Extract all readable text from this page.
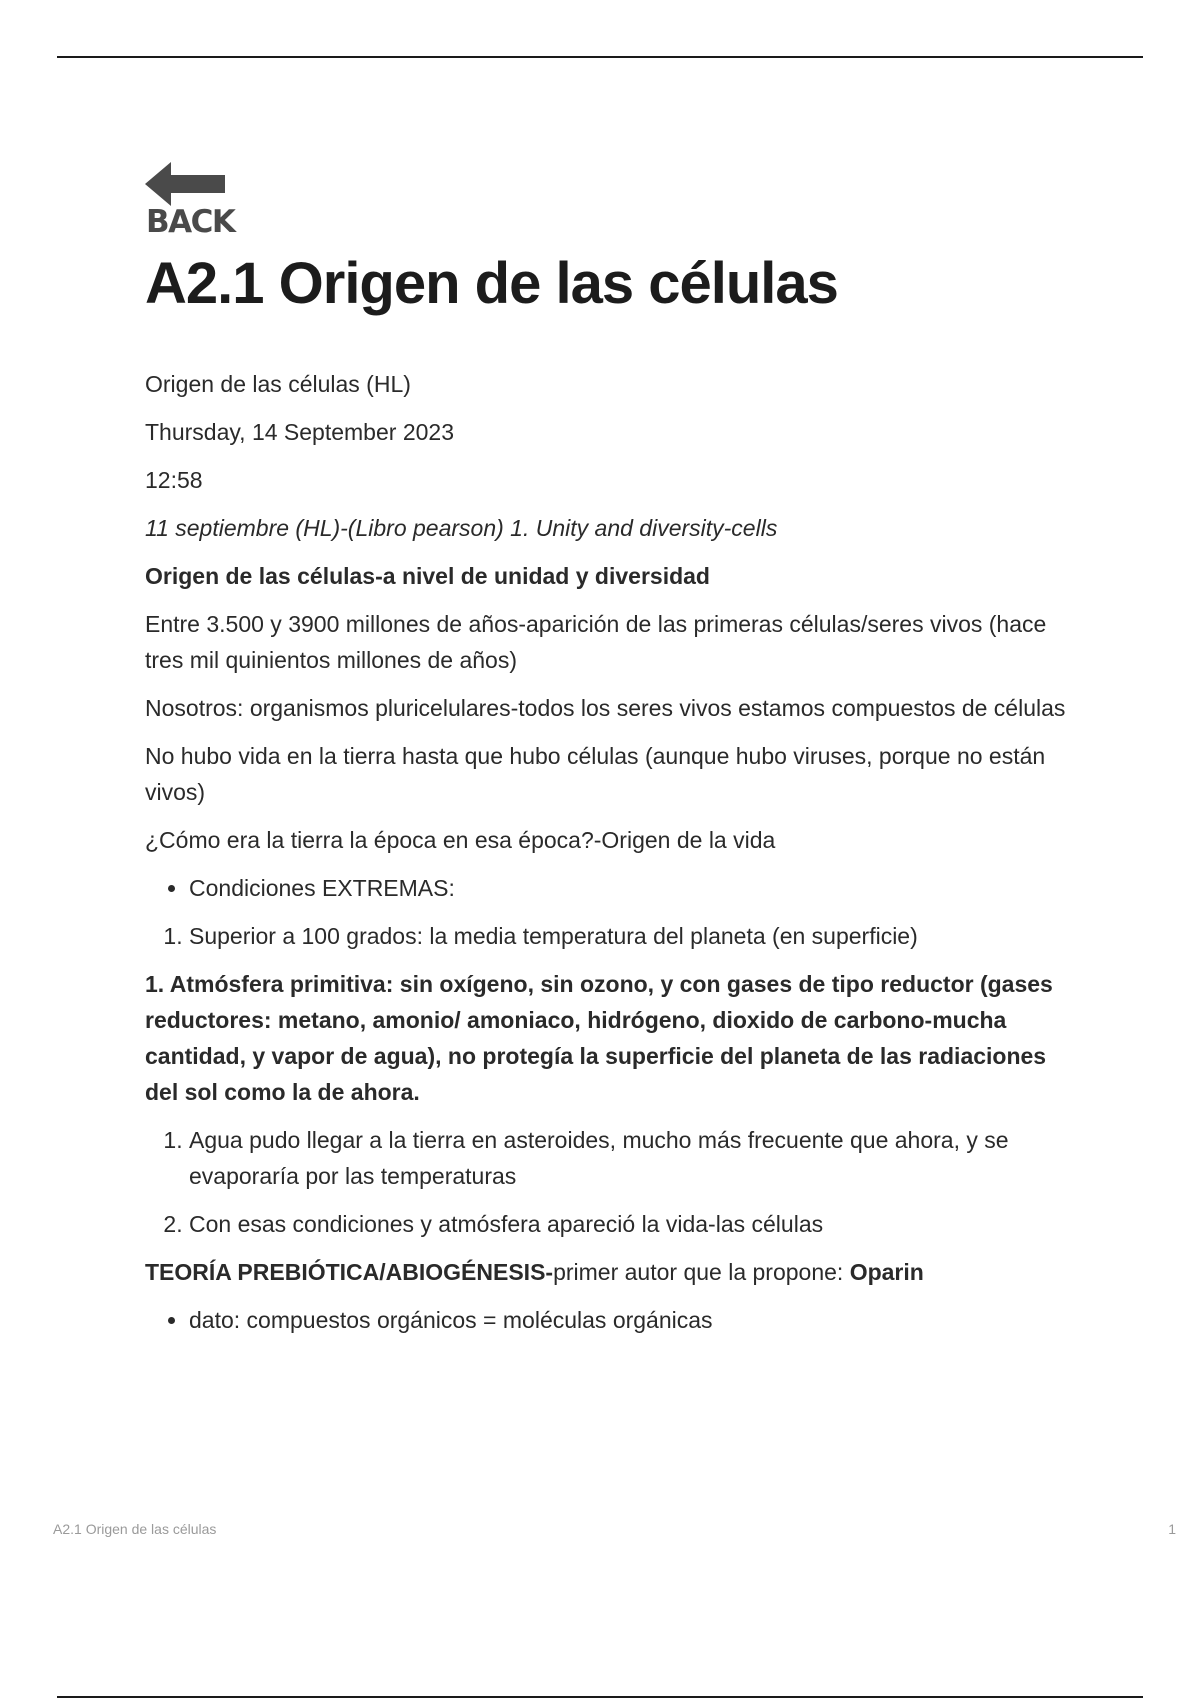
BACK
A2.1 Origen de las células

Origen de las células (HL)

Thursday, 14 September 2023

12:58

11 septiembre (HL)-(Libro pearson) 1. Unity and diversity-cells

Origen de las células-a nivel de unidad y diversidad

Entre 3.500 y 3900 millones de años-aparición de las primeras células/seres vivos (hace tres mil quinientos millones de años)

Nosotros: organismos pluricelulares-todos los seres vivos estamos compuestos de células

No hubo vida en la tierra hasta que hubo células (aunque hubo viruses, porque no están vivos)

¿Cómo era la tierra la época en esa época?-Origen de la vida

• Condiciones EXTREMAS:
1. Superior a 100 grados: la media temperatura del planeta (en superficie)

1. Atmósfera primitiva: sin oxígeno, sin ozono, y con gases de tipo reductor (gases reductores: metano, amonio/ amoniaco, hidrógeno, dioxido de carbono-mucha cantidad, y vapor de agua), no protegía la superficie del planeta de las radiaciones del sol como la de ahora.

1. Agua pudo llegar a la tierra en asteroides, mucho más frecuente que ahora, y se evaporaría por las temperaturas
2. Con esas condiciones y atmósfera apareció la vida-las células

TEORÍA PREBIÓTICA/ABIOGÉNESIS-primer autor que la propone: Oparin

• dato: compuestos orgánicos = moléculas orgánicas
A2.1 Origen de las células	1
